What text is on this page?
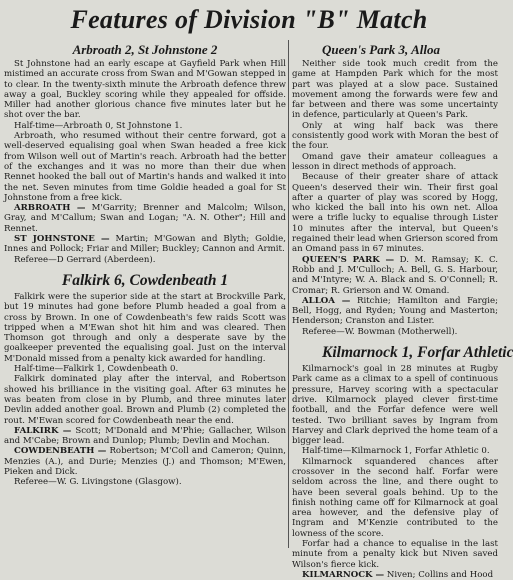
Features of Division "B" Match
Arbroath 2, St Johnstone 2

St Johnstone had an early escape at Gayfield Park when Hill mistimed an accurate cross from Swan and M'Gowan stepped in to clear. In the twenty-sixth minute the Arbroath defence threw away a goal, Buckley scoring while they appealed for offside. Miller had another glorious chance five minutes later but he shot over the bar.

Half-time—Arbroath 0, St Johnstone 1.

Arbroath, who resumed without their centre forward, got a well-deserved equalising goal when Swan headed a free kick from Wilson well out of Martin's reach. Arbroath had the better of the exchanges and it was no more than their due when Rennet hooked the ball out of Martin's hands and walked it into the net. Seven minutes from time Goldie headed a goal for St Johnstone from a free kick.

ARBROATH — M'Garrity; Brenner and Malcolm; Wilson, Gray, and M'Callum; Swan and Logan; "A. N. Other"; Hill and Rennet.

ST JOHNSTONE — Martin; M'Gowan and Blyth; Goldie, Innes and Pollock; Friar and Miller; Buckley; Cannon and Armit.

Referee—D Gerrard (Aberdeen).

Falkirk 6, Cowdenbeath 1

Falkirk were the superior side at the start at Brockville Park, but 19 minutes had gone before Plumb headed a goal from a cross by Brown. In one of Cowdenbeath's few raids Scott was tripped when a M'Ewan shot hit him and was cleared. Then Thomson got through and only a desperate save by the goalkeeper prevented the equalising goal. Just on the interval M'Donald missed from a penalty kick awarded for handling.

Half-time—Falkirk 1, Cowdenbeath 0.

Falkirk dominated play after the interval, and Robertson showed his brilliance in the visiting goal. After 63 minutes he was beaten from close in by Plumb, and three minutes later Devlin added another goal. Brown and Plumb (2) completed the rout. M'Ewan scored for Cowdenbeath near the end.

FALKIRK — Scott; M'Donald and M'Phie; Gallacher, Wilson and M'Cabe; Brown and Dunlop; Plumb; Devlin and Mochan.

COWDENBEATH — Robertson; M'Coll and Cameron; Quinn, Menzies (A.), and Durie; Menzies (J.) and Thomson; M'Ewen, Pieken and Dick.

Referee—W. G. Livingstone (Glasgow).

Queen's Park 3, Alloa

Neither side took much credit from the game at Hampden Park which for the most part was played at a slow pace. Sustained movement among the forwards were few and far between and there was some uncertainty in defence, particularly at Queen's Park.

Only at wing half back was there consistently good work with Moran the best of the four.

Omand gave their amateur colleagues a lesson in direct methods of approach.

Because of their greater share of attack Queen's deserved their win. Their first goal after a quarter of play was scored by Hogg, who kicked the ball into his own net. Alloa were a trifle lucky to equalise through Lister 10 minutes after the interval, but Queen's regained their lead when Grierson scored from an Omand pass in 67 minutes.

QUEEN'S PARK — D. M. Ramsay; K. C. Robb and J. M'Culloch; A. Bell, G. S. Harbour, and M'Intyre; W. A. Black and S. O'Connell; R. Cromar; R. Grierson and W. Omand.

ALLOA — Ritchie; Hamilton and Fargie; Bell, Hogg, and Ryden; Young and Masterton; Henderson; Cranston and Lister.

Referee—W. Bowman (Motherwell).

Kilmarnock 1, Forfar Athletic

Kilmarnock's goal in 28 minutes at Rugby Park came as a climax to a spell of continuous pressure, Harvey scoring with a spectacular drive. Kilmarnock played clever first-time football, and the Forfar defence were well tested. Two brilliant saves by Ingram from Harvey and Clark deprived the home team of a bigger lead.

Half-time—Kilmarnock 1, Forfar Athletic 0.

Kilmarnock squandered chances after crossover in the second half. Forfar were seldom across the line, and there ought to have been several goals behind. Up to the finish nothing came off for Kilmarnock at goal area however, and the defensive play of Ingram and M'Kenzie contributed to the lowness of the score.

Forfar had a chance to equalise in the last minute from a penalty kick but Niven saved Wilson's fierce kick.

KILMARNOCK — Niven; Collins and Hood
